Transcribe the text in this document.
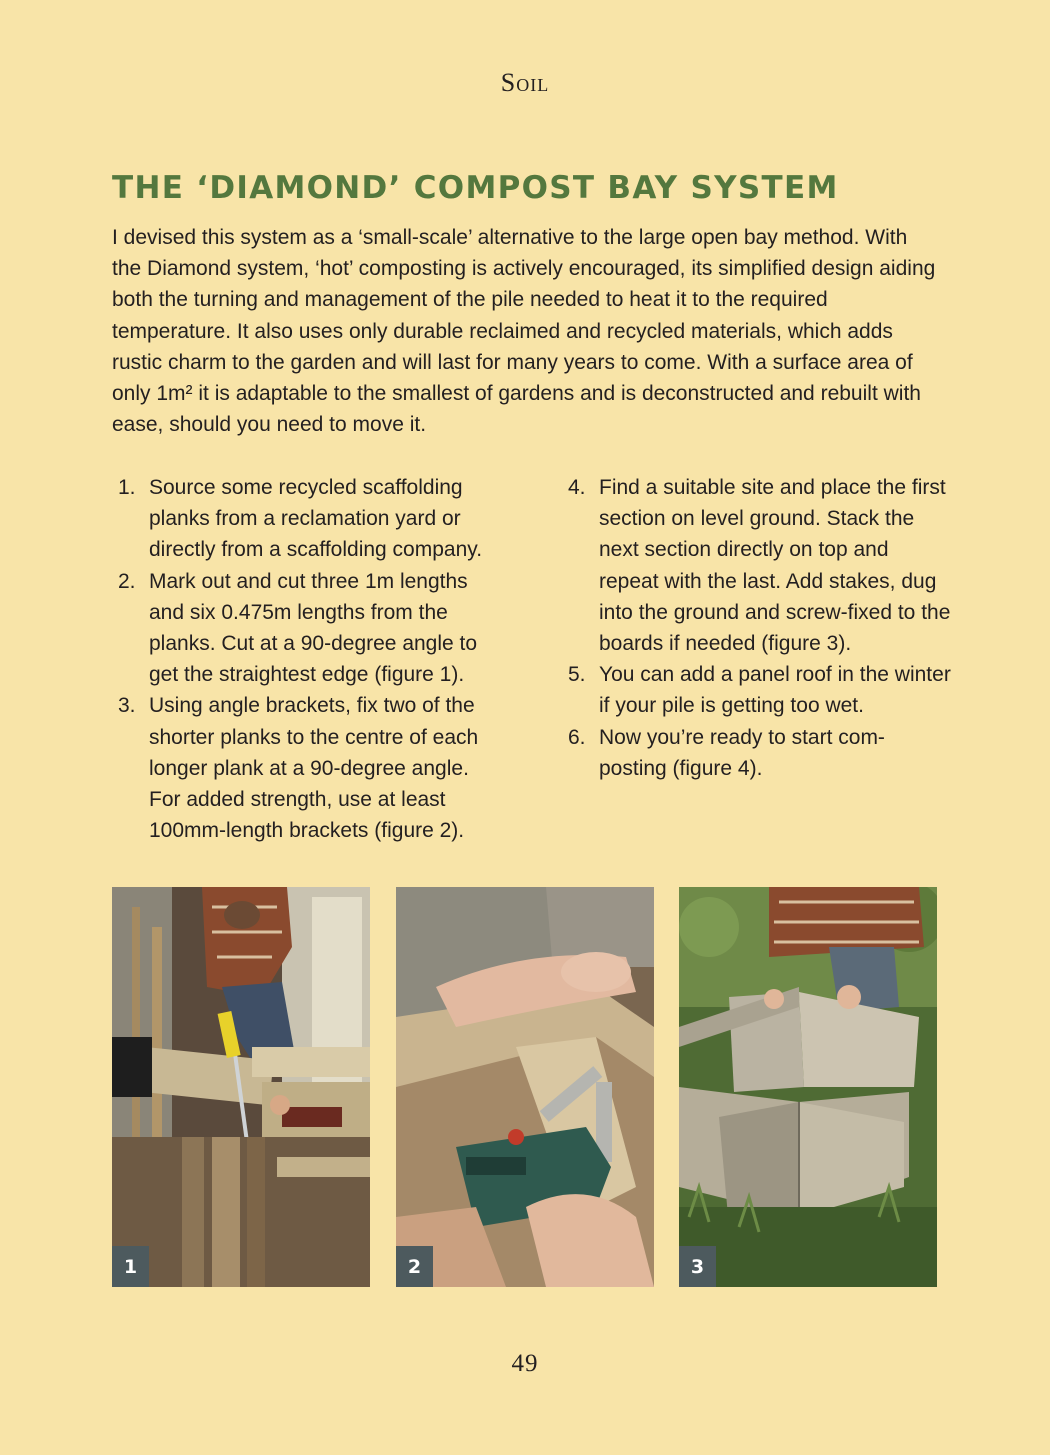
Soil
THE ‘DIAMOND’ COMPOST BAY SYSTEM

I devised this system as a ‘small-scale’ alternative to the large open bay method. With the Diamond system, ‘hot’ composting is actively encouraged, its simplified design aiding both the turning and management of the pile needed to heat it to the required temperature. It also uses only durable reclaimed and recycled materials, which adds rustic charm to the garden and will last for many years to come. With a surface area of only 1m² it is adaptable to the smallest of gardens and is deconstructed and rebuilt with ease, should you need to move it.

1. Source some recycled scaffolding planks from a reclamation yard or directly from a scaffolding company.
2. Mark out and cut three 1m lengths and six 0.475m lengths from the planks. Cut at a 90-degree angle to get the straightest edge (figure 1).
3. Using angle brackets, fix two of the shorter planks to the centre of each longer plank at a 90-degree angle. For added strength, use at least 100mm-length brackets (figure 2).
4. Find a suitable site and place the first section on level ground. Stack the next section directly on top and repeat with the last. Add stakes, dug into the ground and screw-fixed to the boards if needed (figure 3).
5. You can add a panel roof in the winter if your pile is getting too wet.
6. Now you’re ready to start com-posting (figure 4).
1	2	3
49
